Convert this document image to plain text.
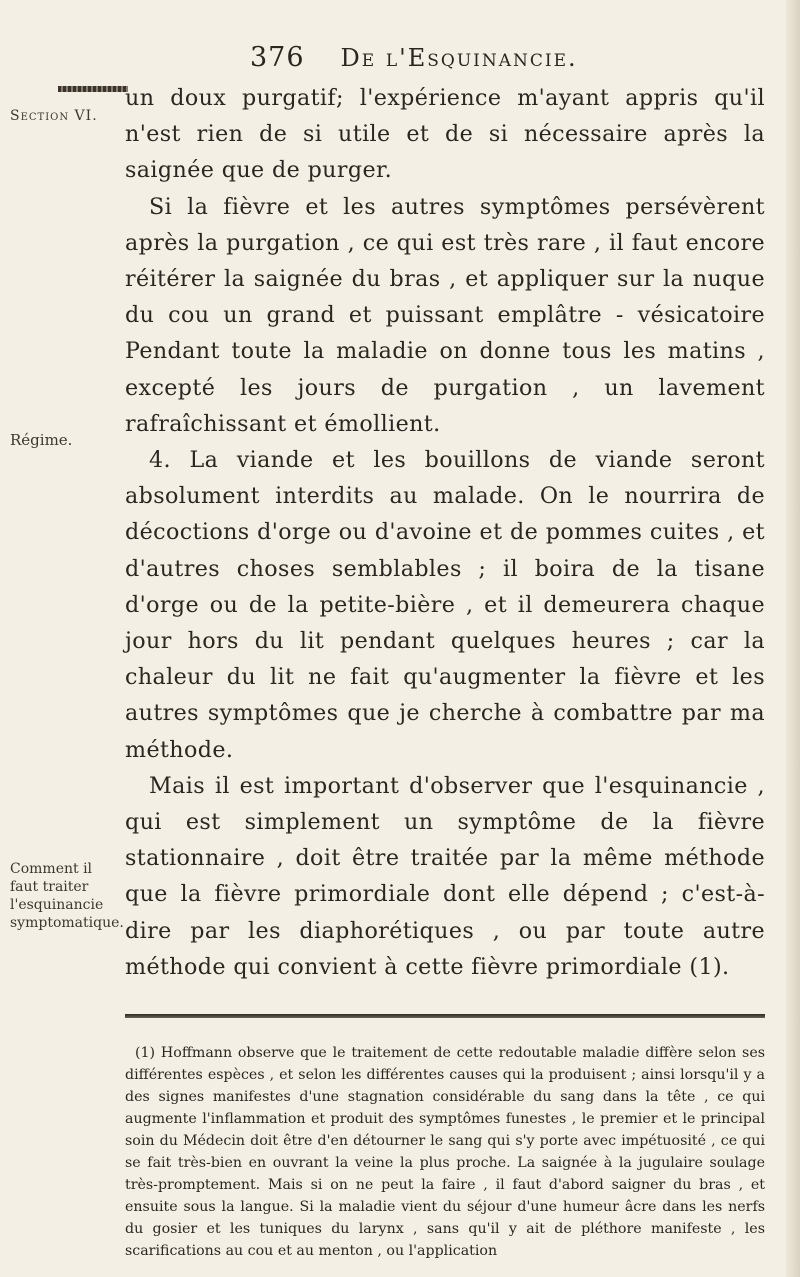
376 De l'Esquinancie.
Section VI.
Régime.
Comment il faut traiter l'esquinancie symptomatique.

un doux purgatif; l'expérience m'ayant appris qu'il n'est rien de si utile et de si nécessaire après la saignée que de purger.

Si la fièvre et les autres symptômes persévèrent après la purgation , ce qui est très rare , il faut encore réitérer la saignée du bras , et appliquer sur la nuque du cou un grand et puissant emplâtre - vésicatoire Pendant toute la maladie on donne tous les matins , excepté les jours de purgation , un lavement rafraîchissant et émollient.

4. La viande et les bouillons de viande seront absolument interdits au malade. On le nourrira de décoctions d'orge ou d'avoine et de pommes cuites , et d'autres choses semblables ; il boira de la tisane d'orge ou de la petite-bière , et il demeurera chaque jour hors du lit pendant quelques heures ; car la chaleur du lit ne fait qu'augmenter la fièvre et les autres symptômes que je cherche à combattre par ma méthode.

Mais il est important d'observer que l'esquinancie , qui est simplement un symptôme de la fièvre stationnaire , doit être traitée par la même méthode que la fièvre primordiale dont elle dépend ; c'est-à-dire par les diaphorétiques , ou par toute autre méthode qui convient à cette fièvre primordiale (1).

(1) Hoffmann observe que le traitement de cette redoutable maladie diffère selon ses différentes espèces , et selon les différentes causes qui la produisent ; ainsi lorsqu'il y a des signes manifestes d'une stagnation considérable du sang dans la tête , ce qui augmente l'inflammation et produit des symptômes funestes , le premier et le principal soin du Médecin doit être d'en détourner le sang qui s'y porte avec impétuosité , ce qui se fait très-bien en ouvrant la veine la plus proche. La saignée à la jugulaire soulage très-promptement. Mais si on ne peut la faire , il faut d'abord saigner du bras , et ensuite sous la langue. Si la maladie vient du séjour d'une humeur âcre dans les nerfs du gosier et les tuniques du larynx , sans qu'il y ait de pléthore manifeste , les scarifications au cou et au menton , ou l'application
